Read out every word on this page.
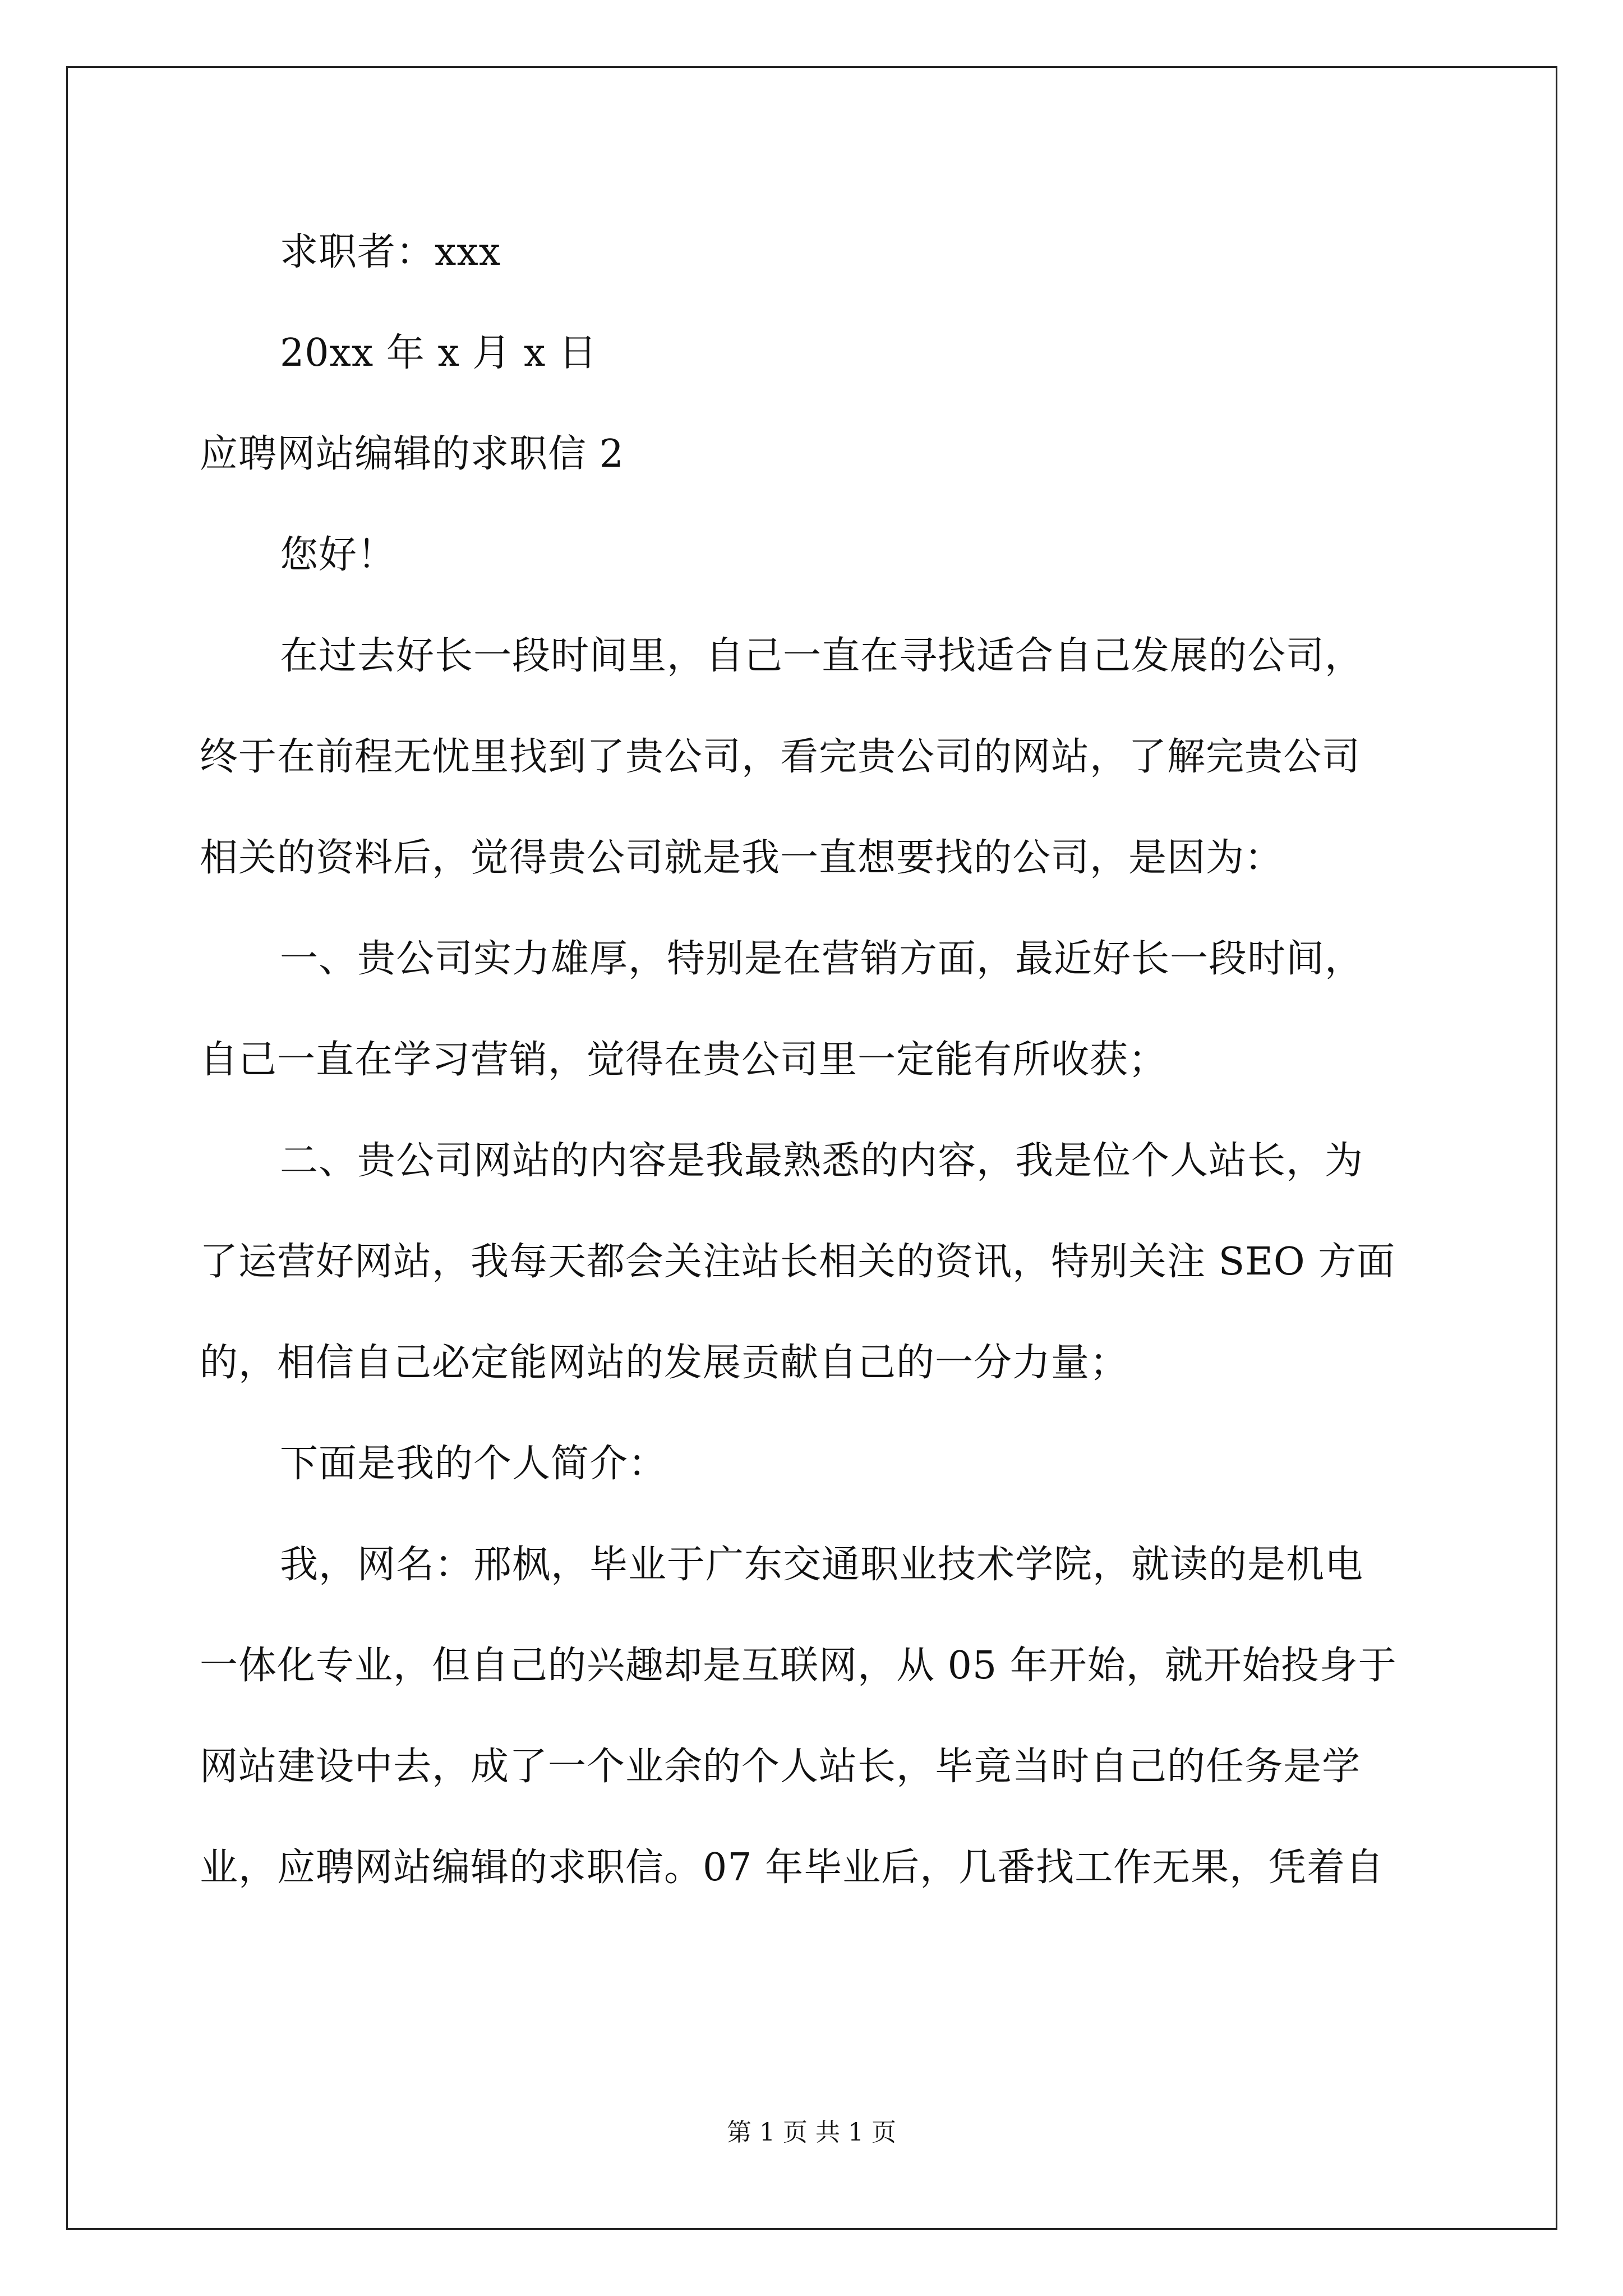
求职者：xxx
20xx 年 x 月 x 日
应聘网站编辑的求职信 2
您好！
在过去好长一段时间里，自己一直在寻找适合自己发展的公司，
终于在前程无忧里找到了贵公司，看完贵公司的网站，了解完贵公司
相关的资料后，觉得贵公司就是我一直想要找的公司，是因为：
一、贵公司实力雄厚，特别是在营销方面，最近好长一段时间，
自己一直在学习营销，觉得在贵公司里一定能有所收获；
二、贵公司网站的内容是我最熟悉的内容，我是位个人站长，为
了运营好网站，我每天都会关注站长相关的资讯，特别关注 SEO 方面
的，相信自己必定能网站的发展贡献自己的一分力量；
下面是我的个人简介：
我，网名：邢枫，毕业于广东交通职业技术学院，就读的是机电
一体化专业，但自己的兴趣却是互联网，从 05 年开始，就开始投身于
网站建设中去，成了一个业余的个人站长，毕竟当时自己的任务是学
业，应聘网站编辑的求职信。07 年毕业后，几番找工作无果，凭着自
第 1 页 共 1 页
